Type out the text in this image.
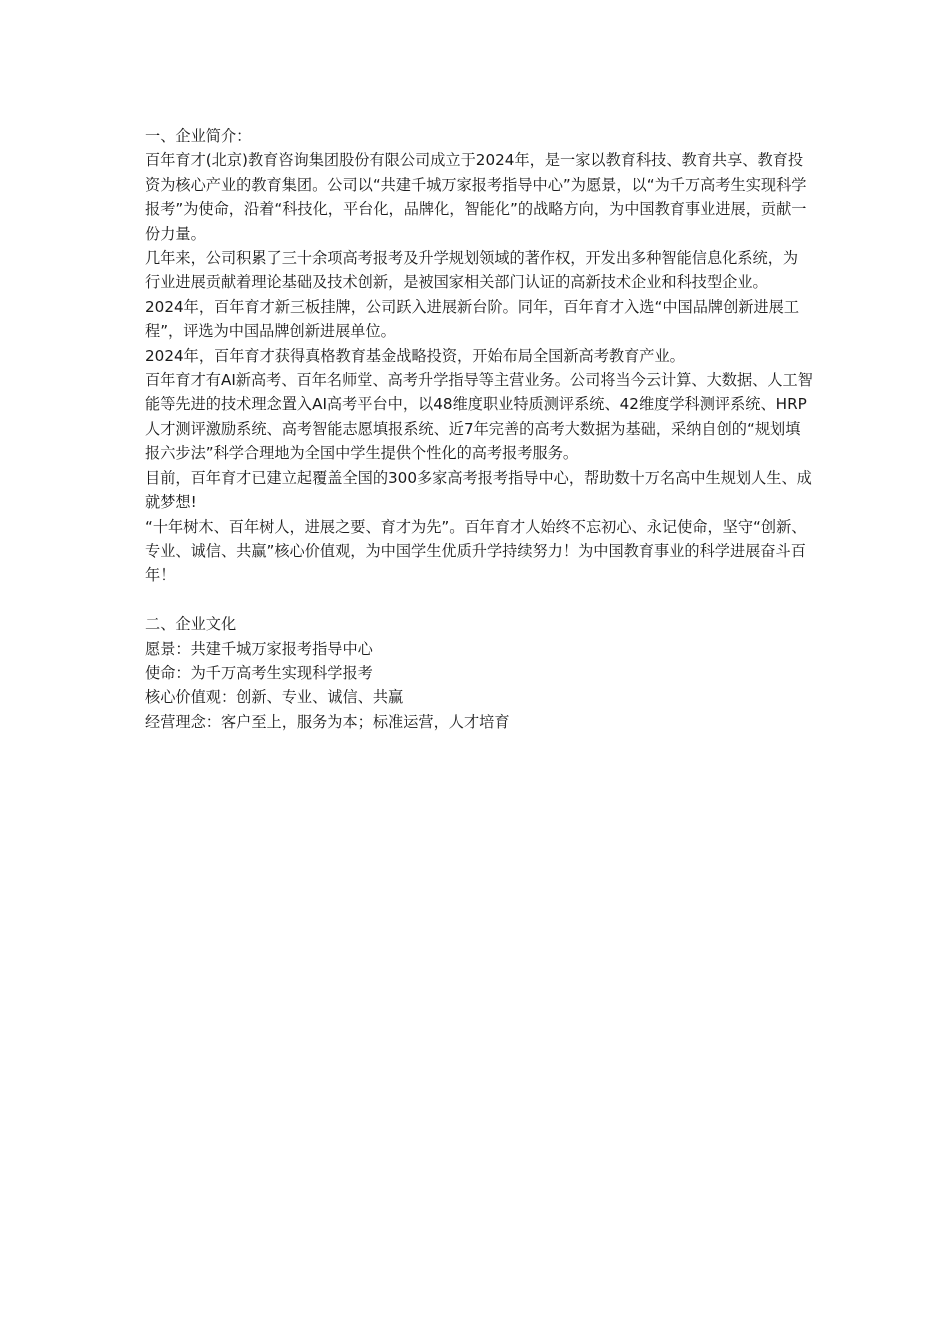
一、企业简介：

百年育才(北京)教育咨询集团股份有限公司成立于2024年，是一家以教育科技、教育共享、教育投资为核心产业的教育集团。公司以“共建千城万家报考指导中心”为愿景，以“为千万高考生实现科学报考”为使命，沿着“科技化，平台化，品牌化，智能化”的战略方向，为中国教育事业进展，贡献一份力量。

几年来，公司积累了三十余项高考报考及升学规划领域的著作权，开发出多种智能信息化系统，为行业进展贡献着理论基础及技术创新，是被国家相关部门认证的高新技术企业和科技型企业。

2024年，百年育才新三板挂牌，公司跃入进展新台阶。同年，百年育才入选“中国品牌创新进展工程”，评选为中国品牌创新进展单位。

2024年，百年育才获得真格教育基金战略投资，开始布局全国新高考教育产业。

百年育才有AI新高考、百年名师堂、高考升学指导等主营业务。公司将当今云计算、大数据、人工智能等先进的技术理念置入AI高考平台中，以48维度职业特质测评系统、42维度学科测评系统、HRP人才测评激励系统、高考智能志愿填报系统、近7年完善的高考大数据为基础，采纳自创的“规划填报六步法”科学合理地为全国中学生提供个性化的高考报考服务。

目前，百年育才已建立起覆盖全国的300多家高考报考指导中心，帮助数十万名高中生规划人生、成就梦想!

“十年树木、百年树人，进展之要、育才为先”。百年育才人始终不忘初心、永记使命，坚守“创新、专业、诚信、共赢”核心价值观，为中国学生优质升学持续努力！为中国教育事业的科学进展奋斗百年！

二、企业文化

愿景：共建千城万家报考指导中心

使命：为千万高考生实现科学报考

核心价值观：创新、专业、诚信、共赢

经营理念：客户至上，服务为本；标准运营，人才培育
